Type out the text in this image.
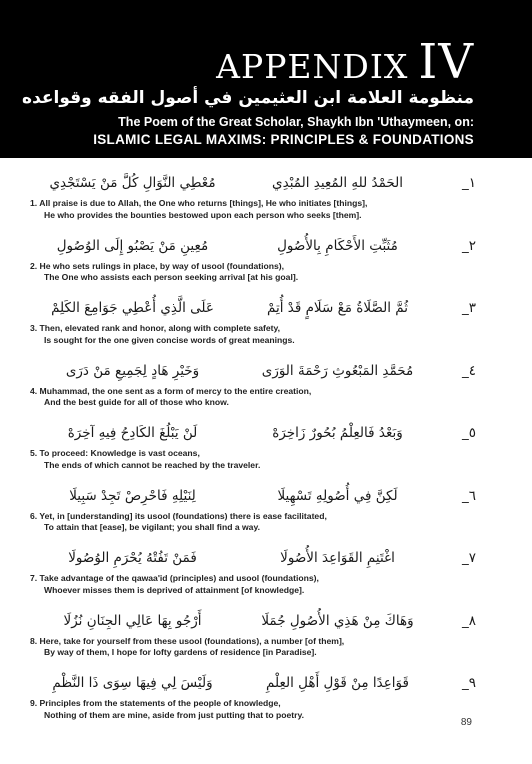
APPENDIX IV
منظومة العلامة ابن العثيمين في أصول الفقه وقواعده
The Poem of the Great Scholar, Shaykh Ibn 'Uthaymeen, on:
ISLAMIC LEGAL MAXIMS: PRINCIPLES & FOUNDATIONS
١_
الحَمْدُ للهِ المُعِيدِ المُبْدِي
مُعْطِي النَّوَالِ كُلَّ مَنْ يَسْتَجْدِي
1. All praise is due to Allah, the One who returns [things], He who initiates [things],
He who provides the bounties bestowed upon each person who seeks [them].
٢_
مُثَبِّتِ الأَحْكَامِ بِالأُصُولِ
مُعِينِ مَنْ يَصْبُو إِلَى الوُصُولِ
2. He who sets rulings in place, by way of usool (foundations),
The One who assists each person seeking arrival [at his goal].
٣_
ثُمَّ الصَّلَاةُ مَعْ سَلَامٍ قَدْ أُتِمْ
عَلَى الَّذِي أُعْطِي جَوَامِعَ الكَلِمْ
3. Then, elevated rank and honor, along with complete safety,
Is sought for the one given concise words of great meanings.
٤_
مُحَمَّدِ المَبْعُوثِ رَحْمَةَ الوَرَى
وَخَيْرِ هَادٍ لِجَمِيعِ مَنْ دَرَى
4. Muhammad, the one sent as a form of mercy to the entire creation,
And the best guide for all of those who know.
٥_
وَبَعْدُ فَالعِلْمُ بُحُورٌ زَاخِرَهْ
لَنْ يَبْلُغَ الكَادِحُ فِيهِ آخِرَهْ
5. To proceed: Knowledge is vast oceans,
The ends of which cannot be reached by the traveler.
٦_
لَكِنَّ فِي أُصُولِهِ تَسْهِيلَا
لِنَيْلِهِ فَاحْرِصْ تَجِدْ سَبِيلَا
6. Yet, in [understanding] its usool (foundations) there is ease facilitated,
To attain that [ease], be vigilant; you shall find a way.
٧_
اغْتَنِمِ القَوَاعِدَ الأُصُولَا
فَمَنْ تَفُتْهُ يُحْرَمِ الوُصُولَا
7. Take advantage of the qawaa'id (principles) and usool (foundations),
Whoever misses them is deprived of attainment [of knowledge].
٨_
وَهَاكَ مِنْ هَذِي الأُصُولِ جُمَلَا
أَرْجُو بِهَا عَالِي الجِنَانِ نُزُلَا
8. Here, take for yourself from these usool (foundations), a number [of them],
By way of them, I hope for lofty gardens of residence [in Paradise].
٩_
قَوَاعِدًا مِنْ قَوْلِ أَهْلِ العِلْمِ
وَلَيْسَ لِي فِيهَا سِوَى ذَا النَّظْمِ
9. Principles from the statements of the people of knowledge,
Nothing of them are mine, aside from just putting that to poetry.
89
